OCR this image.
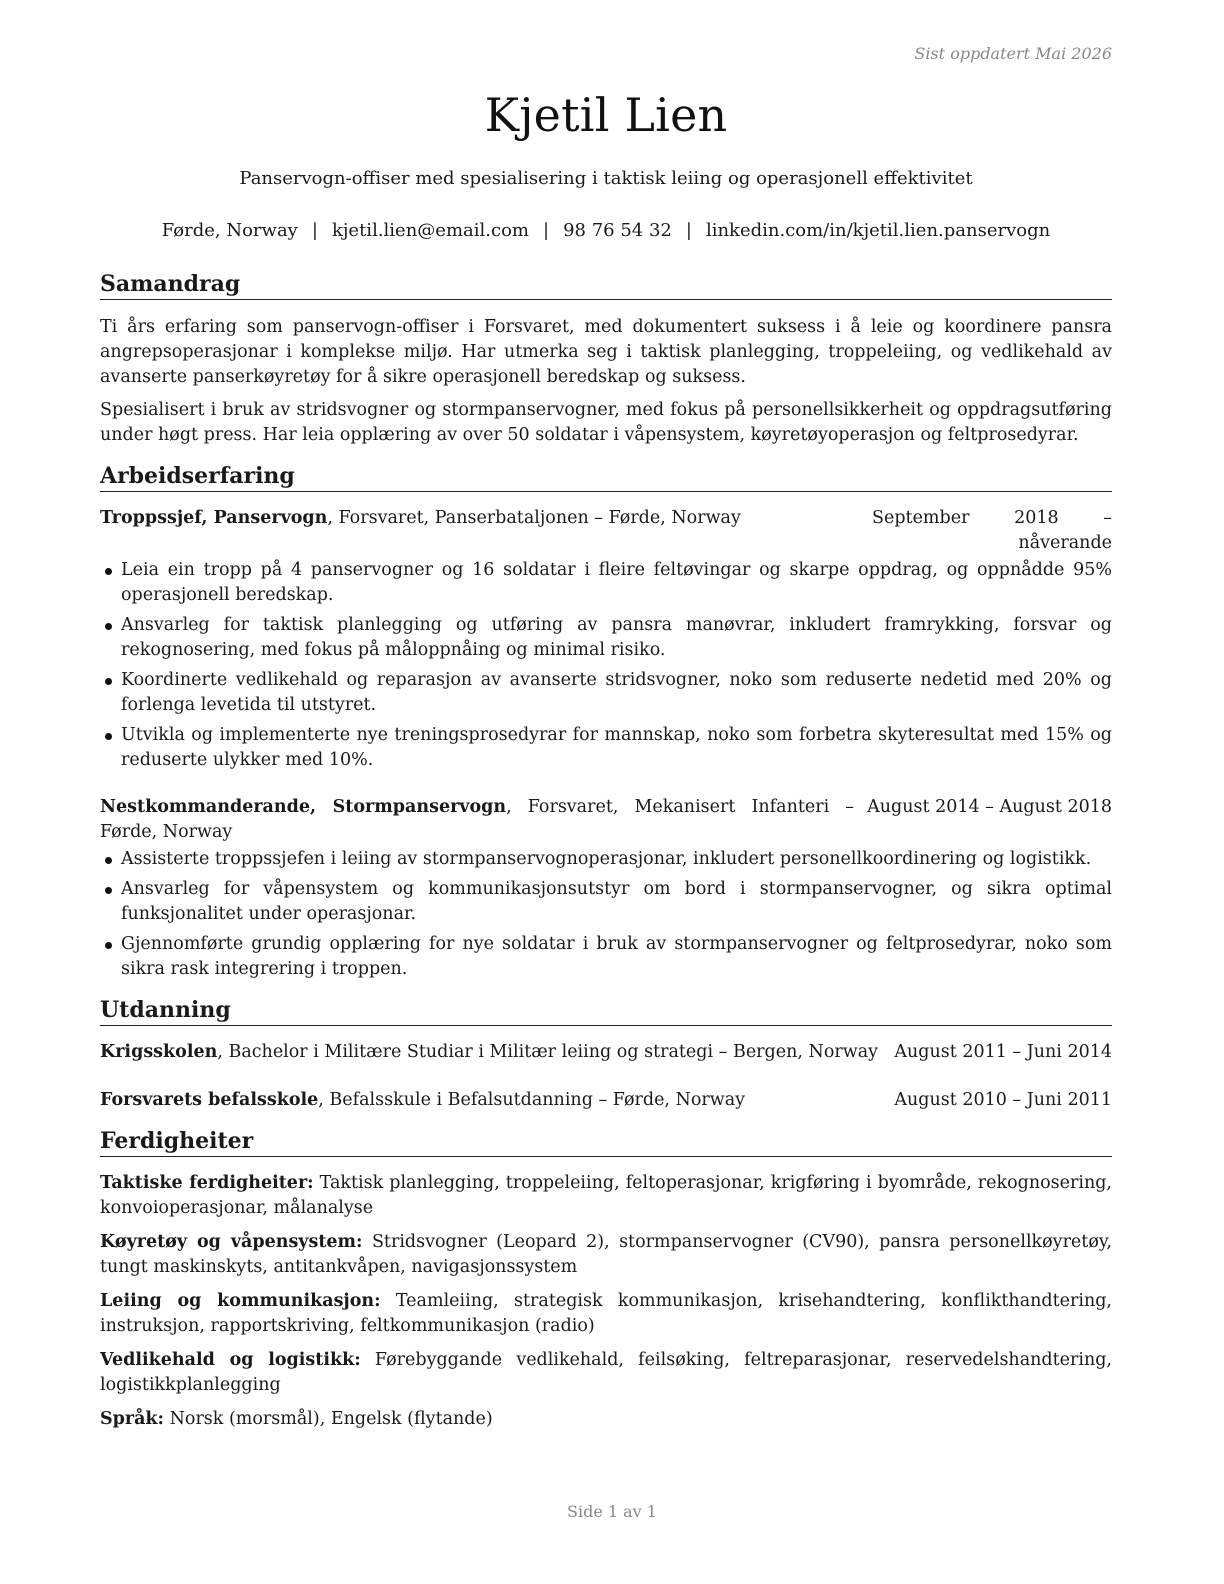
Sist oppdatert Mai 2026
Kjetil Lien
Panservogn-offiser med spesialisering i taktisk leiing og operasjonell effektivitet
Førde, Norway | kjetil.lien@email.com | 98 76 54 32 | linkedin.com/in/kjetil.lien.panservogn
Samandrag

Ti års erfaring som panservogn-offiser i Forsvaret, med dokumentert suksess i å leie og koordinere pansra angrepsoperasjonar i komplekse miljø. Har utmerka seg i taktisk planlegging, troppeleiing, og vedlikehald av avanserte panserkøyretøy for å sikre operasjonell beredskap og suksess.

Spesialisert i bruk av stridsvogner og stormpanservogner, med fokus på personellsikkerheit og oppdragsutføring under høgt press. Har leia opplæring av over 50 soldatar i våpensystem, køyretøyoperasjon og feltprosedyrar.

Arbeidserfaring
Troppssjef, Panservogn, Forsvaret, Panserbataljonen – Førde, Norway	September 2018 – nåverande
Leia ein tropp på 4 panservogner og 16 soldatar i fleire feltøvingar og skarpe oppdrag, og oppnådde 95% operasjonell beredskap.
Ansvarleg for taktisk planlegging og utføring av pansra manøvrar, inkludert framrykking, forsvar og rekognosering, med fokus på måloppnåing og minimal risiko.
Koordinerte vedlikehald og reparasjon av avanserte stridsvogner, noko som reduserte nedetid med 20% og forlenga levetida til utstyret.
Utvikla og implementerte nye treningsprosedyrar for mannskap, noko som forbetra skyteresultat med 15% og reduserte ulykker med 10%.
Nestkommanderande, Stormpanservogn, Forsvaret, Mekanisert Infanteri – Førde, Norway
August 2014 – August 2018
Assisterte troppssjefen i leiing av stormpanservognoperasjonar, inkludert personellkoordinering og logistikk.
Ansvarleg for våpensystem og kommunikasjonsutstyr om bord i stormpanservogner, og sikra optimal funksjonalitet under operasjonar.
Gjennomførte grundig opplæring for nye soldatar i bruk av stormpanservogner og feltprosedyrar, noko som sikra rask integrering i troppen.
Utdanning
Krigsskolen, Bachelor i Militære Studiar i Militær leiing og strategi – Bergen, Norway August 2011 – Juni 2014
Forsvarets befalsskole, Befalsskule i Befalsutdanning – Førde, Norway	August 2010 – Juni 2011
Ferdigheiter

Taktiske ferdigheiter: Taktisk planlegging, troppeleiing, feltoperasjonar, krigføring i byområde, rekognosering, konvoioperasjonar, målanalyse

Køyretøy og våpensystem: Stridsvogner (Leopard 2), stormpanservogner (CV90), pansra personellkøyretøy, tungt maskinskyts, antitankvåpen, navigasjonssystem

Leiing og kommunikasjon: Teamleiing, strategisk kommunikasjon, krisehandtering, konflikthandtering, instruksjon, rapportskriving, feltkommunikasjon (radio)

Vedlikehald og logistikk: Førebyggande vedlikehald, feilsøking, feltreparasjonar, reservedelshandtering, logistikkplanlegging

Språk: Norsk (morsmål), Engelsk (flytande)

Side 1 av 1
